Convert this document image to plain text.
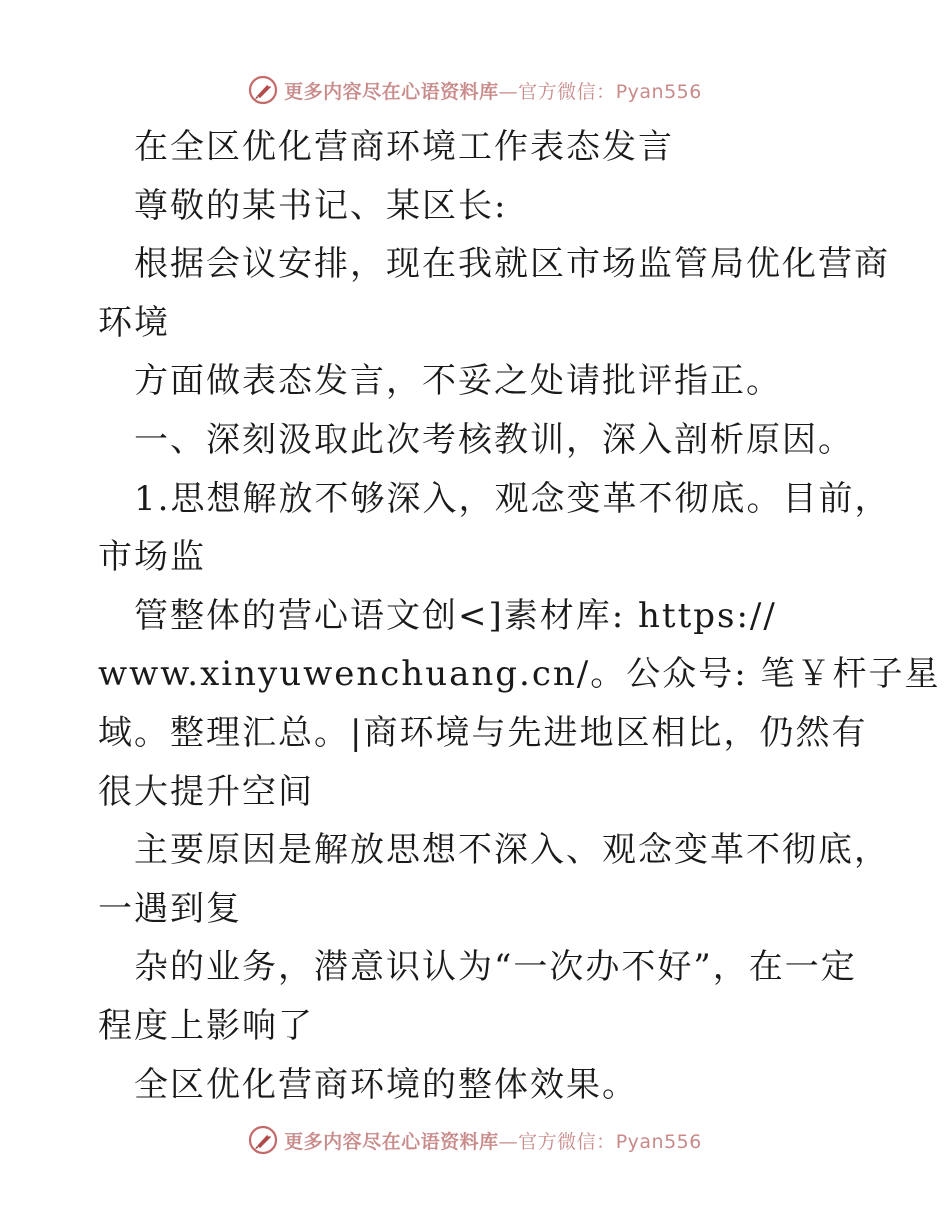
更多内容尽在心语资料库—官方微信：Pyan556

在全区优化营商环境工作表态发言

尊敬的某书记、某区长:

根据会议安排，现在我就区市场监管局优化营商

环境

方面做表态发言，不妥之处请批评指正。

一、深刻汲取此次考核教训，深入剖析原因。

1.思想解放不够深入，观念变革不彻底。目前，

市场监

管整体的营心语文创<]素材库: https://

www.xinyuwenchuang.cn/。公众号: 笔￥杆子星

域。整理汇总。|商环境与先进地区相比，仍然有

很大提升空间

主要原因是解放思想不深入、观念变革不彻底，

一遇到复

杂的业务，潜意识认为“一次办不好”，在一定

程度上影响了

全区优化营商环境的整体效果。

更多内容尽在心语资料库—官方微信：Pyan556
